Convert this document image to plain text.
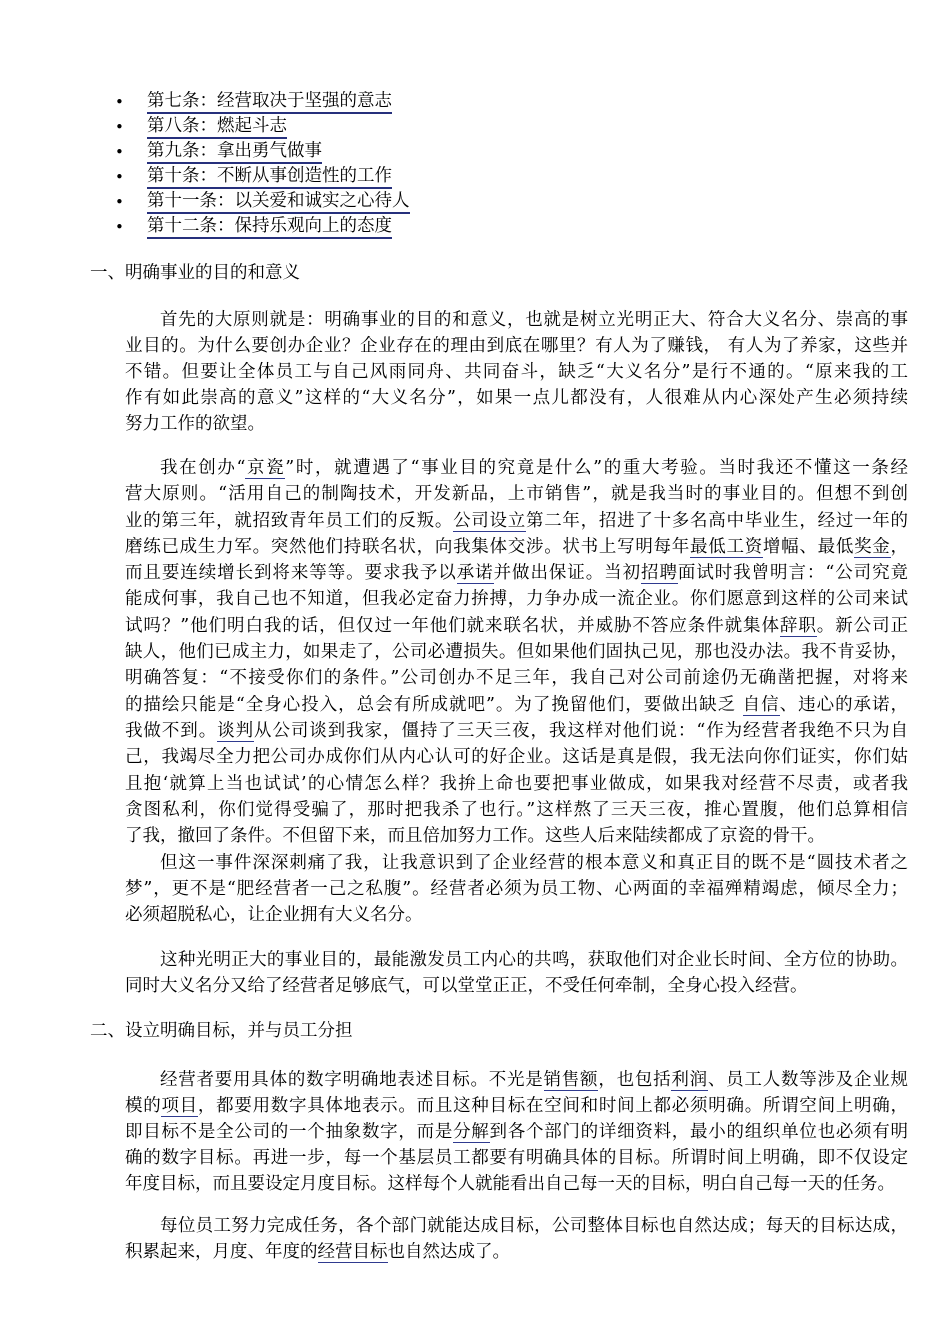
• 第七条：经营取决于坚强的意志
• 第八条：燃起斗志
• 第九条：拿出勇气做事
• 第十条：不断从事创造性的工作
• 第十一条：以关爱和诚实之心待人
• 第十二条：保持乐观向上的态度
一、明确事业的目的和意义
首先的大原则就是：明确事业的目的和意义，也就是树立光明正大、符合大义名分、崇高的事
业目的。为什么要创办企业？企业存在的理由到底在哪里？有人为了赚钱， 有人为了养家，这些并
不错。但要让全体员工与自己风雨同舟、共同奋斗，缺乏“大义名分”是行不通的。“原来我的工
作有如此崇高的意义”这样的“大义名分”，如果一点儿都没有，人很难从内心深处产生必须持续
努力工作的欲望。
我在创办“京瓷”时，就遭遇了“事业目的究竟是什么”的重大考验。当时我还不懂这一条经
营大原则。“活用自己的制陶技术，开发新品，上市销售”，就是我当时的事业目的。但想不到创
业的第三年，就招致青年员工们的反叛。公司设立第二年，招进了十多名高中毕业生，经过一年的
磨练已成生力军。突然他们持联名状，向我集体交涉。状书上写明每年最低工资增幅、最低奖金，
而且要连续增长到将来等等。要求我予以承诺并做出保证。当初招聘面试时我曾明言：“公司究竟
能成何事，我自己也不知道，但我必定奋力拚搏，力争办成一流企业。你们愿意到这样的公司来试
试吗？”他们明白我的话，但仅过一年他们就来联名状，并威胁不答应条件就集体辞职。新公司正
缺人，他们已成主力，如果走了，公司必遭损失。但如果他们固执己见，那也没办法。我不肯妥协，
明确答复：“不接受你们的条件。”公司创办不足三年，我自己对公司前途仍无确凿把握，对将来
的描绘只能是“全身心投入，总会有所成就吧”。为了挽留他们，要做出缺乏 自信、违心的承诺，
我做不到。谈判从公司谈到我家，僵持了三天三夜，我这样对他们说：“作为经营者我绝不只为自
己，我竭尽全力把公司办成你们从内心认可的好企业。这话是真是假，我无法向你们证实，你们姑
且抱‘就算上当也试试’的心情怎么样？我拚上命也要把事业做成，如果我对经营不尽责，或者我
贪图私利，你们觉得受骗了，那时把我杀了也行。”这样熬了三天三夜，推心置腹，他们总算相信
了我，撤回了条件。不但留下来，而且倍加努力工作。这些人后来陆续都成了京瓷的骨干。
但这一事件深深刺痛了我，让我意识到了企业经营的根本意义和真正目的既不是“圆技术者之
梦”，更不是“肥经营者一己之私腹”。经营者必须为员工物、心两面的幸福殚精竭虑，倾尽全力；
必须超脱私心，让企业拥有大义名分。
这种光明正大的事业目的，最能激发员工内心的共鸣，获取他们对企业长时间、全方位的协助。
同时大义名分又给了经营者足够底气，可以堂堂正正，不受任何牵制，全身心投入经营。
二、设立明确目标，并与员工分担
经营者要用具体的数字明确地表述目标。不光是销售额，也包括利润、员工人数等涉及企业规
模的项目，都要用数字具体地表示。而且这种目标在空间和时间上都必须明确。所谓空间上明确，
即目标不是全公司的一个抽象数字，而是分解到各个部门的详细资料，最小的组织单位也必须有明
确的数字目标。再进一步，每一个基层员工都要有明确具体的目标。所谓时间上明确，即不仅设定
年度目标，而且要设定月度目标。这样每个人就能看出自己每一天的目标，明白自己每一天的任务。
每位员工努力完成任务，各个部门就能达成目标，公司整体目标也自然达成；每天的目标达成，
积累起来，月度、年度的经营目标也自然达成了。
